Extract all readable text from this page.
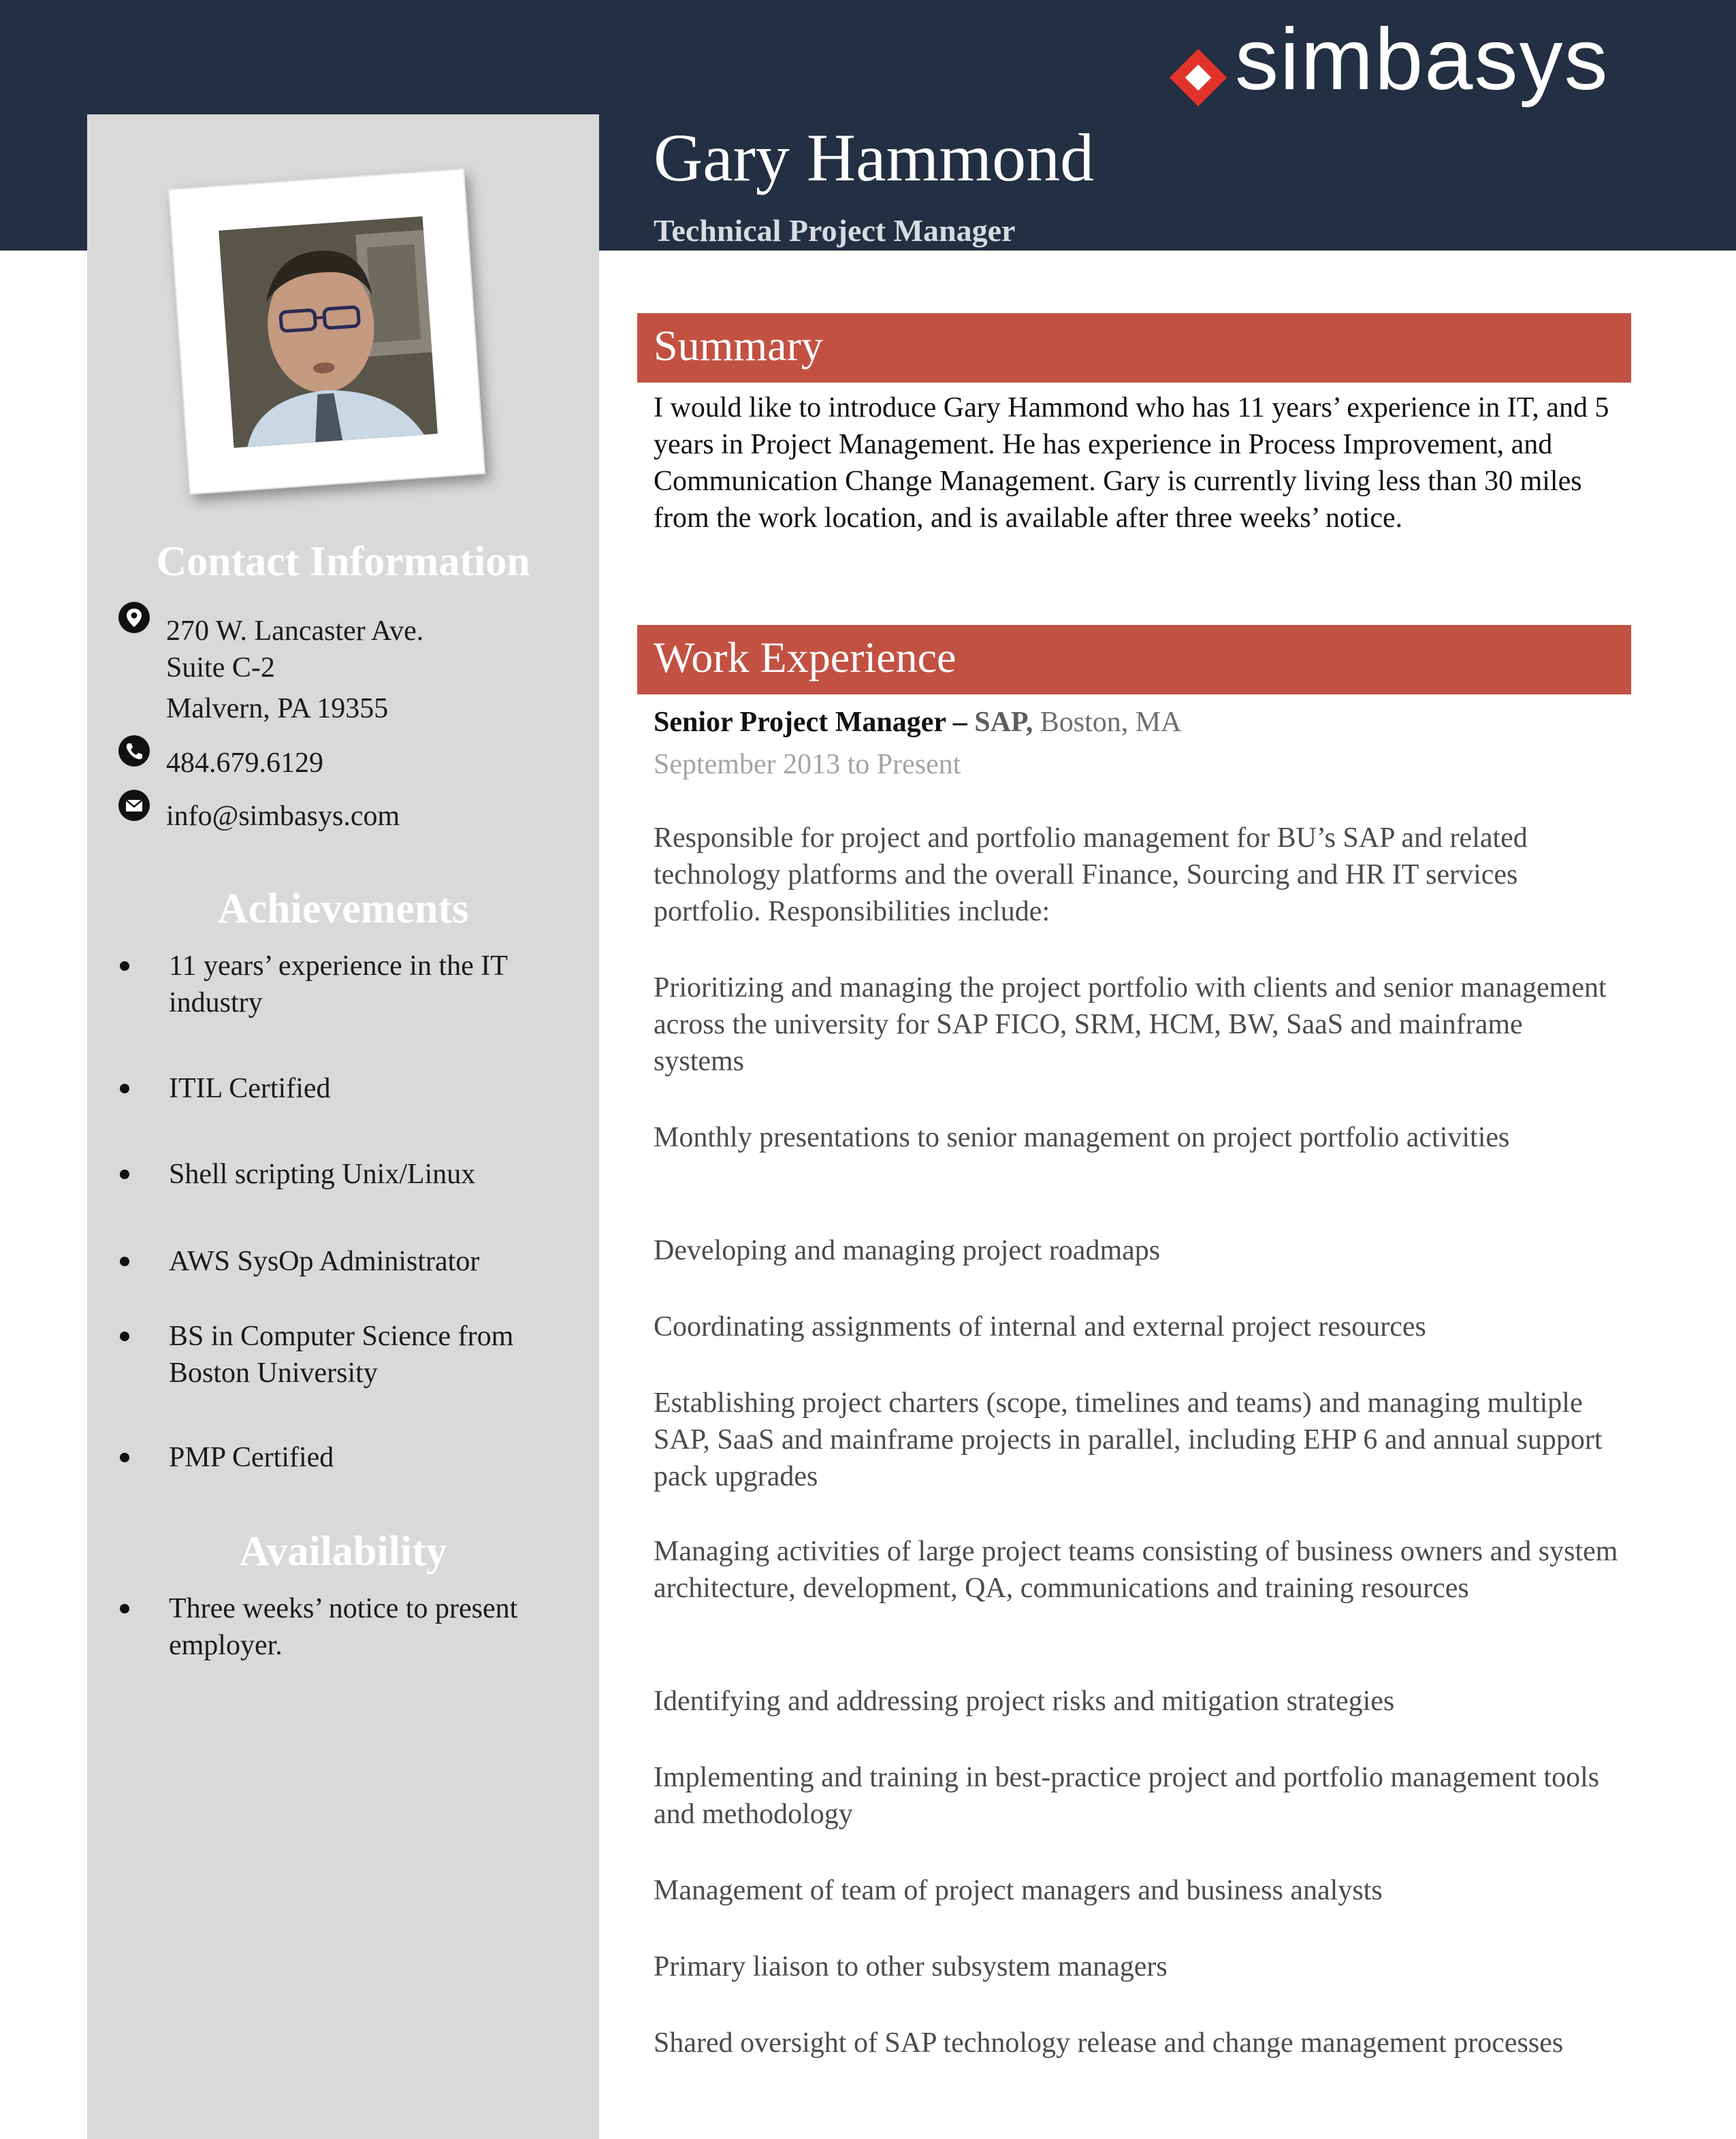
simbasys
Contact Information
270 W. Lancaster Ave.
Suite C-2
Malvern, PA 19355
484.679.6129
info@simbasys.com
Achievements
11 years’ experience in the IT industry
ITIL Certified
Shell scripting Unix/Linux
AWS SysOp Administrator
BS in Computer Science from Boston University
PMP Certified
Availability
Three weeks’ notice to present employer.
Gary Hammond
Technical Project Manager
Summary
I would like to introduce Gary Hammond who has 11 years’ experience in IT, and 5 years in Project Management. He has experience in Process Improvement, and Communication Change Management. Gary is currently living less than 30 miles from the work location, and is available after three weeks’ notice.
Work Experience
Senior Project Manager – SAP, Boston, MA
September 2013 to Present
Responsible for project and portfolio management for BU’s SAP and related technology platforms and the overall Finance, Sourcing and HR IT services portfolio. Responsibilities include:
Prioritizing and managing the project portfolio with clients and senior management across the university for SAP FICO, SRM, HCM, BW, SaaS and mainframe systems
Monthly presentations to senior management on project portfolio activities
Developing and managing project roadmaps
Coordinating assignments of internal and external project resources
Establishing project charters (scope, timelines and teams) and managing multiple SAP, SaaS and mainframe projects in parallel, including EHP 6 and annual support pack upgrades
Managing activities of large project teams consisting of business owners and system architecture, development, QA, communications and training resources
Identifying and addressing project risks and mitigation strategies
Implementing and training in best-practice project and portfolio management tools and methodology
Management of team of project managers and business analysts
Primary liaison to other subsystem managers
Shared oversight of SAP technology release and change management processes
